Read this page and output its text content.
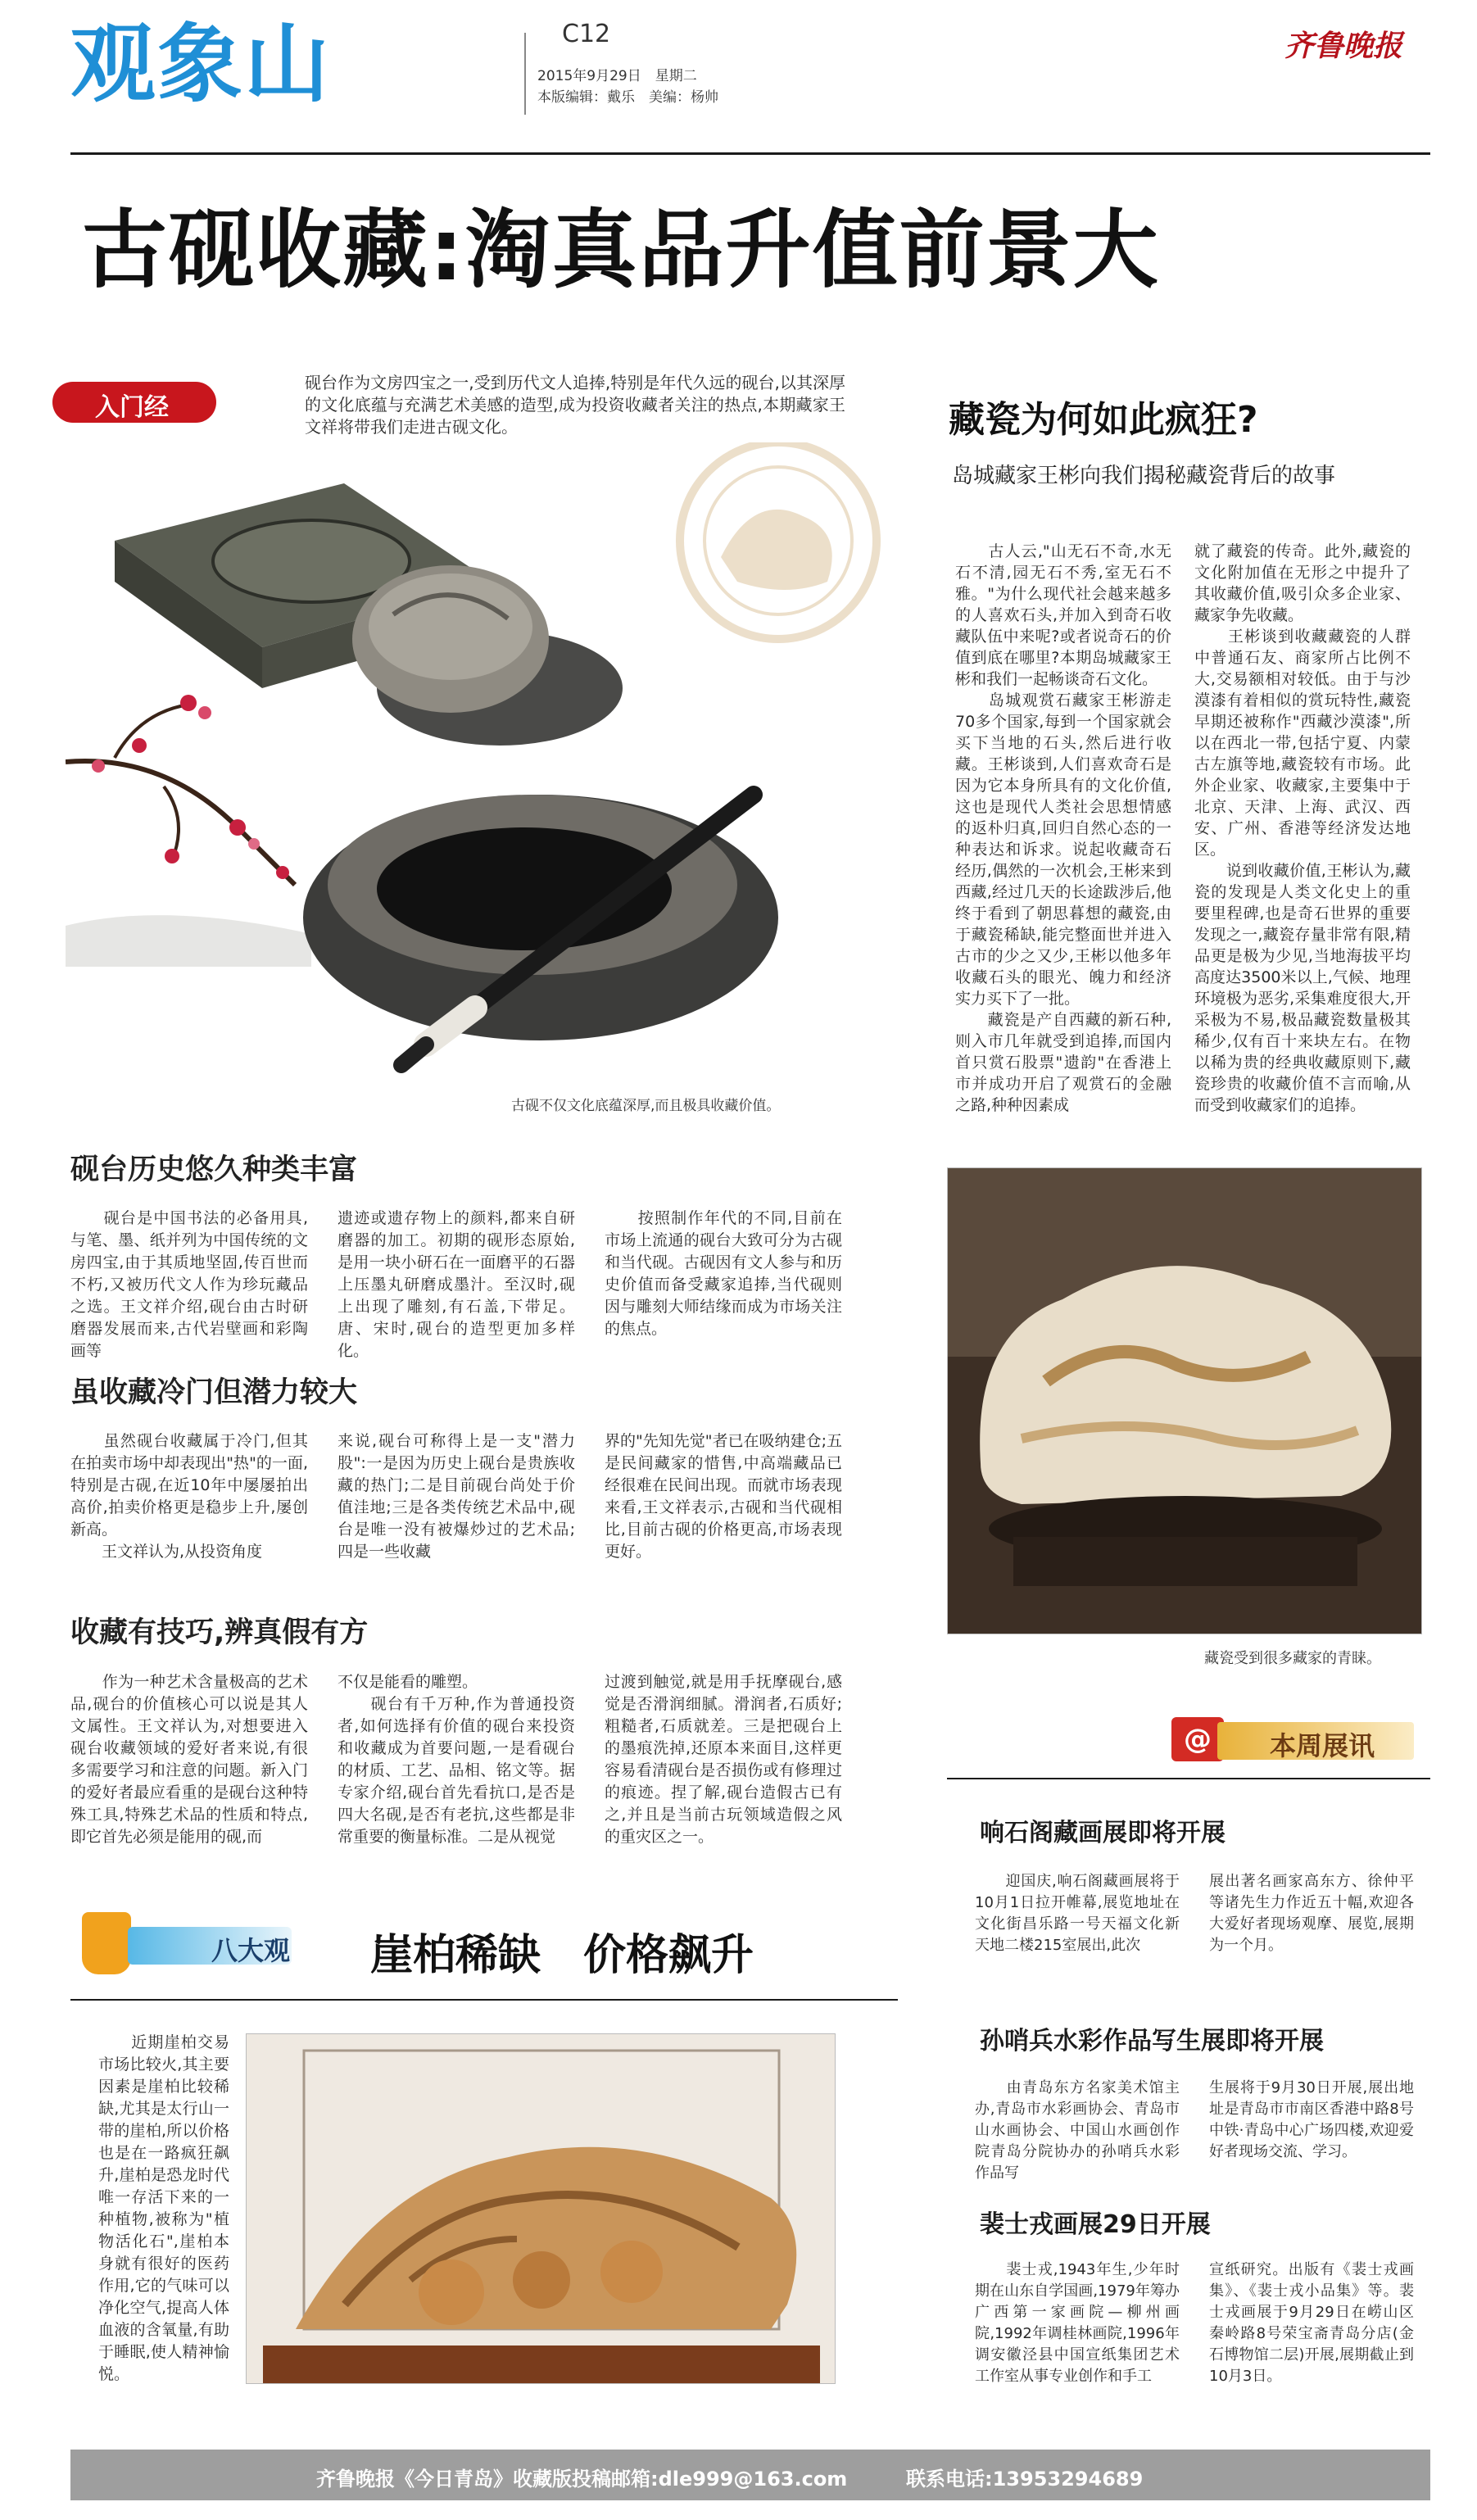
观象山	C12
2015年9月29日　星期二
本版编辑：戴乐　美编：杨帅
齐鲁晚报
古砚收藏:淘真品升值前景大
入门经
砚台作为文房四宝之一,受到历代文人追捧,特别是年代久远的砚台,以其深厚的文化底蕴与充满艺术美感的造型,成为投资收藏者关注的热点,本期藏家王文祥将带我们走进古砚文化。
古砚不仅文化底蕴深厚,而且极具收藏价值。
砚台历史悠久种类丰富
　　砚台是中国书法的必备用具,与笔、墨、纸并列为中国传统的文房四宝,由于其质地坚固,传百世而不朽,又被历代文人作为珍玩藏品之选。王文祥介绍,砚台由古时研磨器发展而来,古代岩壁画和彩陶画等
遗迹或遗存物上的颜料,都来自研磨器的加工。初期的砚形态原始,是用一块小研石在一面磨平的石器上压墨丸研磨成墨汁。至汉时,砚上出现了雕刻,有石盖,下带足。唐、宋时,砚台的造型更加多样化。
　　按照制作年代的不同,目前在市场上流通的砚台大致可分为古砚和当代砚。古砚因有文人参与和历史价值而备受藏家追捧,当代砚则因与雕刻大师结缘而成为市场关注的焦点。
虽收藏冷门但潜力较大
　　虽然砚台收藏属于冷门,但其在拍卖市场中却表现出"热"的一面,特别是古砚,在近10年中屡屡拍出高价,拍卖价格更是稳步上升,屡创新高。
　　王文祥认为,从投资角度
来说,砚台可称得上是一支"潜力股":一是因为历史上砚台是贵族收藏的热门;二是目前砚台尚处于价值洼地;三是各类传统艺术品中,砚台是唯一没有被爆炒过的艺术品;四是一些收藏
界的"先知先觉"者已在吸纳建仓;五是民间藏家的惜售,中高端藏品已经很难在民间出现。而就市场表现来看,王文祥表示,古砚和当代砚相比,目前古砚的价格更高,市场表现更好。
收藏有技巧,辨真假有方
　　作为一种艺术含量极高的艺术品,砚台的价值核心可以说是其人文属性。王文祥认为,对想要进入砚台收藏领域的爱好者来说,有很多需要学习和注意的问题。新入门的爱好者最应看重的是砚台这种特殊工具,特殊艺术品的性质和特点,即它首先必须是能用的砚,而
不仅是能看的雕塑。
　　砚台有千万种,作为普通投资者,如何选择有价值的砚台来投资和收藏成为首要问题,一是看砚台的材质、工艺、品相、铭文等。据专家介绍,砚台首先看抗口,是否是四大名砚,是否有老抗,这些都是非常重要的衡量标准。二是从视觉
过渡到触觉,就是用手抚摩砚台,感觉是否滑润细腻。滑润者,石质好;粗糙者,石质就差。三是把砚台上的墨痕洗掉,还原本来面目,这样更容易看清砚台是否损伤或有修理过的痕迹。捏了解,砚台造假古已有之,并且是当前古玩领域造假之风的重灾区之一。
八大观 崖柏稀缺　价格飙升
　　近期崖柏交易市场比较火,其主要因素是崖柏比较稀缺,尤其是太行山一带的崖柏,所以价格也是在一路疯狂飙升,崖柏是恐龙时代唯一存活下来的一种植物,被称为"植物活化石",崖柏本身就有很好的医药作用,它的气味可以净化空气,提高人体血液的含氧量,有助于睡眠,使人精神愉悦。
藏瓷为何如此疯狂?
岛城藏家王彬向我们揭秘藏瓷背后的故事
　　古人云,"山无石不奇,水无石不清,园无石不秀,室无石不雅。"为什么现代社会越来越多的人喜欢石头,并加入到奇石收藏队伍中来呢?或者说奇石的价值到底在哪里?本期岛城藏家王彬和我们一起畅谈奇石文化。
　　岛城观赏石藏家王彬游走70多个国家,每到一个国家就会买下当地的石头,然后进行收藏。王彬谈到,人们喜欢奇石是因为它本身所具有的文化价值,这也是现代人类社会思想情感的返朴归真,回归自然心态的一种表达和诉求。说起收藏奇石经历,偶然的一次机会,王彬来到西藏,经过几天的长途跋涉后,他终于看到了朝思暮想的藏瓷,由于藏瓷稀缺,能完整面世并进入古市的少之又少,王彬以他多年收藏石头的眼光、魄力和经济实力买下了一批。
　　藏瓷是产自西藏的新石种,则入市几年就受到追捧,而国内首只赏石股票"遗韵"在香港上市并成功开启了观赏石的金融之路,种种因素成
就了藏瓷的传奇。此外,藏瓷的文化附加值在无形之中提升了其收藏价值,吸引众多企业家、藏家争先收藏。
　　王彬谈到收藏藏瓷的人群中普通石友、商家所占比例不大,交易额相对较低。由于与沙漠漆有着相似的赏玩特性,藏瓷早期还被称作"西藏沙漠漆",所以在西北一带,包括宁夏、内蒙古左旗等地,藏瓷较有市场。此外企业家、收藏家,主要集中于北京、天津、上海、武汉、西安、广州、香港等经济发达地区。
　　说到收藏价值,王彬认为,藏瓷的发现是人类文化史上的重要里程碑,也是奇石世界的重要发现之一,藏瓷存量非常有限,精品更是极为少见,当地海拔平均高度达3500米以上,气候、地理环境极为恶劣,采集难度很大,开采极为不易,极品藏瓷数量极其稀少,仅有百十来块左右。在物以稀为贵的经典收藏原则下,藏瓷珍贵的收藏价值不言而喻,从而受到收藏家们的追捧。
藏瓷受到很多藏家的青睐。
@	本周展讯
响石阁藏画展即将开展
　　迎国庆,响石阁藏画展将于10月1日拉开帷幕,展览地址在文化街昌乐路一号天福文化新天地二楼215室展出,此次
展出著名画家高东方、徐仲平等诸先生力作近五十幅,欢迎各大爱好者现场观摩、展览,展期为一个月。
孙哨兵水彩作品写生展即将开展
　　由青岛东方名家美术馆主办,青岛市水彩画协会、青岛市山水画协会、中国山水画创作院青岛分院协办的孙哨兵水彩作品写
生展将于9月30日开展,展出地址是青岛市市南区香港中路8号中铁·青岛中心广场四楼,欢迎爱好者现场交流、学习。
裴士戎画展29日开展
　　裴士戎,1943年生,少年时期在山东自学国画,1979年筹办广西第一家画院—柳州画院,1992年调桂林画院,1996年调安徽泾县中国宣纸集团艺术工作室从事专业创作和手工
宣纸研究。出版有《裴士戎画集》、《裴士戎小品集》等。裴士戎画展于9月29日在崂山区秦岭路8号荣宝斋青岛分店(金石博物馆二层)开展,展期截止到10月3日。
齐鲁晚报《今日青岛》收藏版投稿邮箱:dle999@163.com	联系电话:13953294689
